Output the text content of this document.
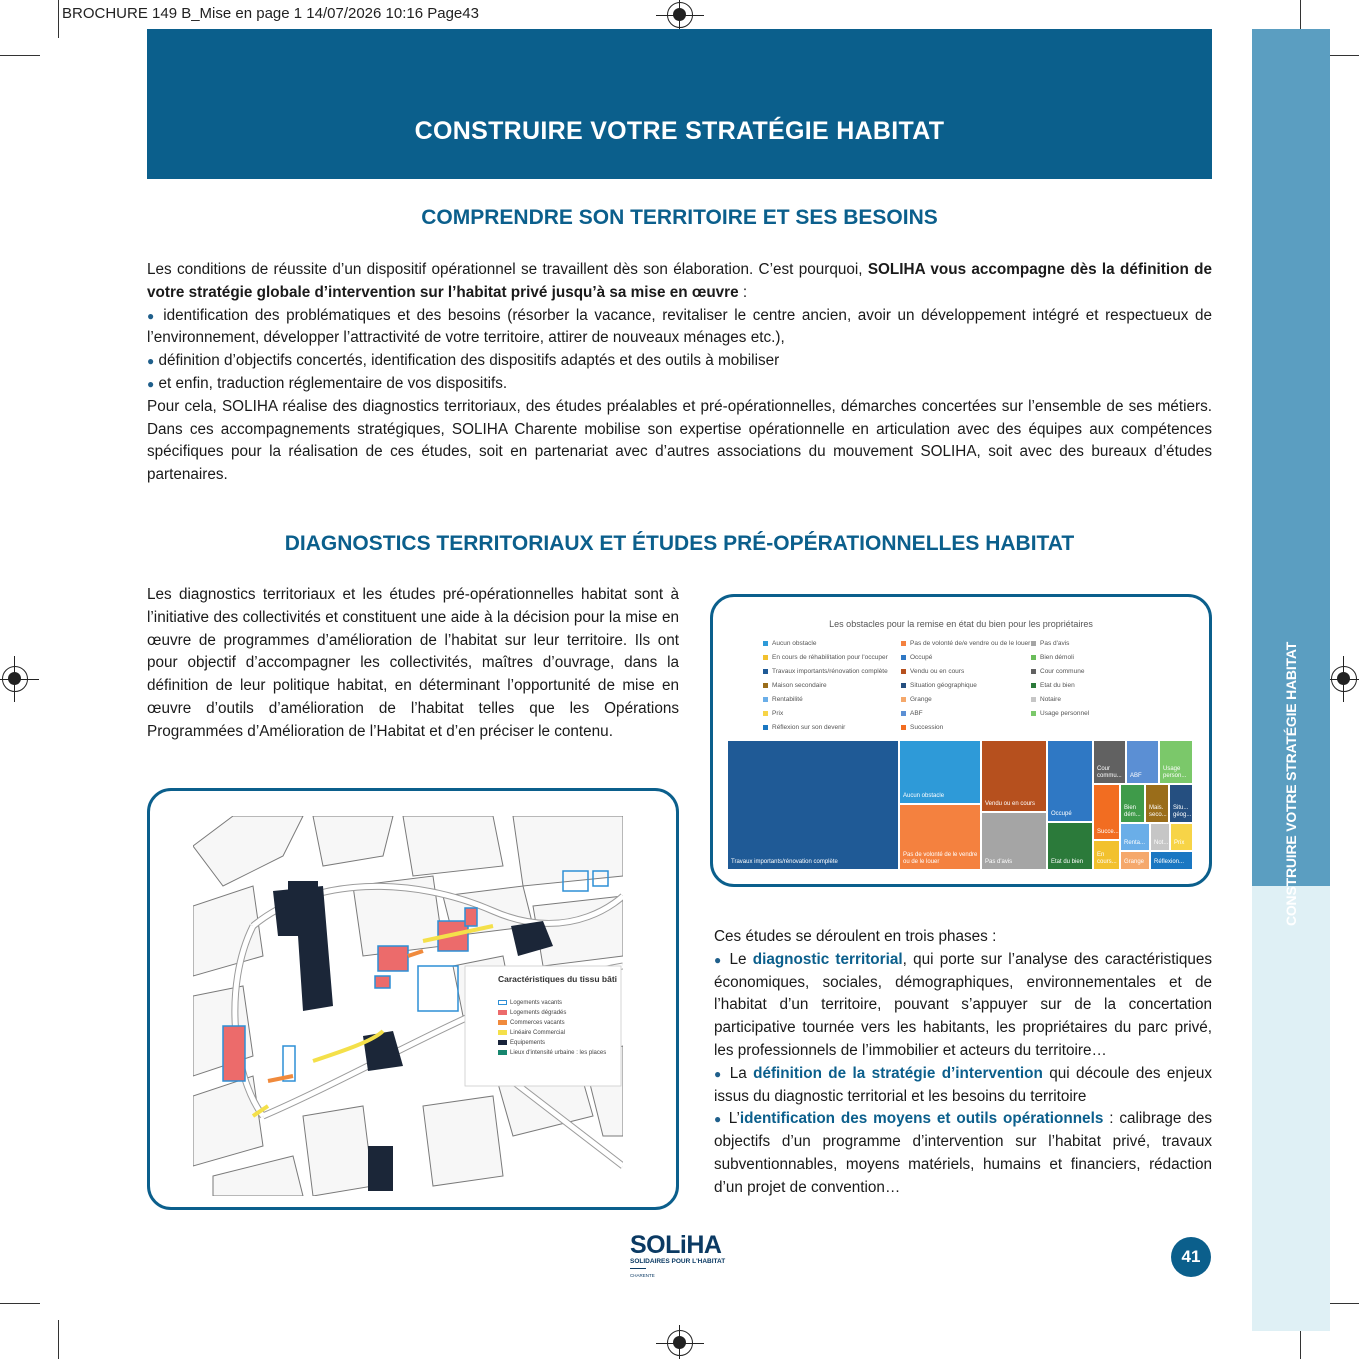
BROCHURE 149 B_Mise en page 1 14/07/2026 10:16 Page43
CONSTRUIRE VOTRE STRATÉGIE HABITAT
CONSTRUIRE VOTRE STRATÉGIE HABITAT
COMPRENDRE SON TERRITOIRE ET SES BESOINS

Les conditions de réussite d’un dispositif opérationnel se travaillent dès son élaboration. C’est pourquoi, SOLIHA vous accompagne dès la définition de votre stratégie globale d’intervention sur l’habitat privé jusqu’à sa mise en œuvre :

● identification des problématiques et des besoins (résorber la vacance, revitaliser le centre ancien, avoir un développement intégré et respectueux de l’environnement, développer l’attractivité de votre territoire, attirer de nouveaux ménages etc.),

● définition d’objectifs concertés, identification des dispositifs adaptés et des outils à mobiliser

● et enfin, traduction réglementaire de vos dispositifs.

Pour cela, SOLIHA réalise des diagnostics territoriaux, des études préalables et pré-opérationnelles, démarches concertées sur l’ensemble de ses métiers. Dans ces accompagnements stratégiques, SOLIHA Charente mobilise son expertise opérationnelle en articulation avec des équipes aux compétences spécifiques pour la réalisation de ces études, soit en partenariat avec d’autres associations du mouvement SOLIHA, soit avec des bureaux d’études partenaires.

DIAGNOSTICS TERRITORIAUX ET ÉTUDES PRÉ-OPÉRATIONNELLES HABITAT
Les diagnostics territoriaux et les études pré-opérationnelles habitat sont à l’initiative des collectivités et constituent une aide à la décision pour la mise en œuvre de programmes d’amélioration de l’habitat sur leur territoire. Ils ont pour objectif d’accompagner les collectivités, maîtres d’ouvrage, dans la définition de leur politique habitat, en déterminant l’opportunité de mise en œuvre d’outils d’amélioration de l’habitat telles que les Opérations Programmées d’Amélioration de l’Habitat et d’en préciser le contenu.
Les obstacles pour la remise en état du bien pour les propriétaires
Aucun obstacle	Pas de volonté de/e vendre ou de le louer	Pas d'avis
En cours de réhabilitation pour l'occuper	Occupé	Bien démoli
Travaux importants/rénovation complète	Vendu ou en cours	Cour commune
Maison secondaire	Situation géographique	Etat du bien
Rentabilité	Grange	Notaire
Prix	ABF	Usage personnel
Réflexion sur son devenir	Succession
Travaux importants/rénovation complète
Aucun obstacle
Pas de volonté de le vendre ou de le louer
Vendu ou en cours
Pas d'avis
Occupé
Etat du bien
Cour commu... ABF
Usage person...
Succe...
En cours...
Bien dém...
Mais. seco...
Situ... géog...
Renta...
Grange
Not... Prix
Réflexion...
Caractéristiques du tissu bâti
Logements vacants
Logements dégradés
Commerces vacants
Linéaire Commercial
Equipements
Lieux d'intensité urbaine : les places

Ces études se déroulent en trois phases :

● Le diagnostic territorial, qui porte sur l’analyse des caractéristiques économiques, sociales, démographiques, environnementales et de l’habitat d’un territoire, pouvant s’appuyer sur de la concertation participative tournée vers les habitants, les propriétaires du parc privé, les professionnels de l’immobilier et acteurs du territoire…

● La définition de la stratégie d’intervention qui découle des enjeux issus du diagnostic territorial et les besoins du territoire

● L’identification des moyens et outils opérationnels : calibrage des objectifs d’un programme d’intervention sur l’habitat privé, travaux subventionnables, moyens matériels, humains et financiers, rédaction d’un projet de convention…

SOLiHA
SOLIDAIRES POUR L'HABITAT
CHARENTE
41
